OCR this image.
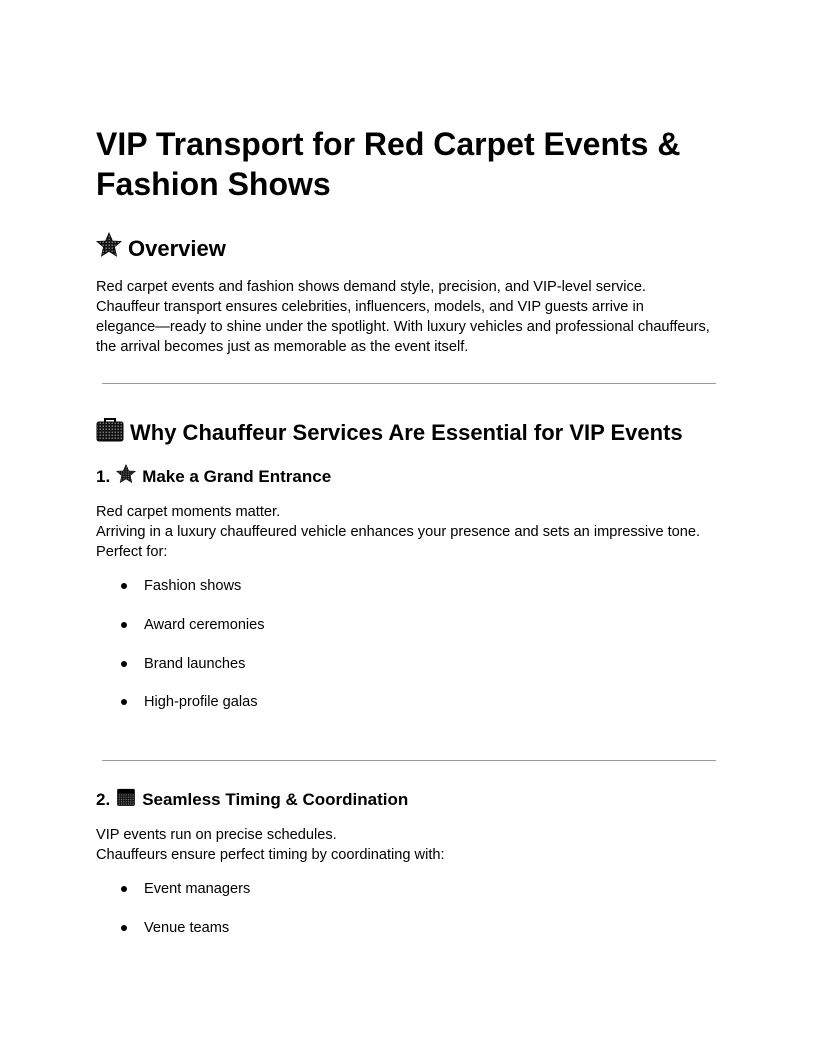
VIP Transport for Red Carpet Events & Fashion Shows
Overview
Red carpet events and fashion shows demand style, precision, and VIP-level service.
Chauffeur transport ensures celebrities, influencers, models, and VIP guests arrive in
elegance—ready to shine under the spotlight. With luxury vehicles and professional chauffeurs,
the arrival becomes just as memorable as the event itself.
Why Chauffeur Services Are Essential for VIP Events
1. Make a Grand Entrance
Red carpet moments matter.
Arriving in a luxury chauffeured vehicle enhances your presence and sets an impressive tone.
Perfect for:
Fashion shows
Award ceremonies
Brand launches
High-profile galas
2. Seamless Timing & Coordination
VIP events run on precise schedules.
Chauffeurs ensure perfect timing by coordinating with:
Event managers
Venue teams
